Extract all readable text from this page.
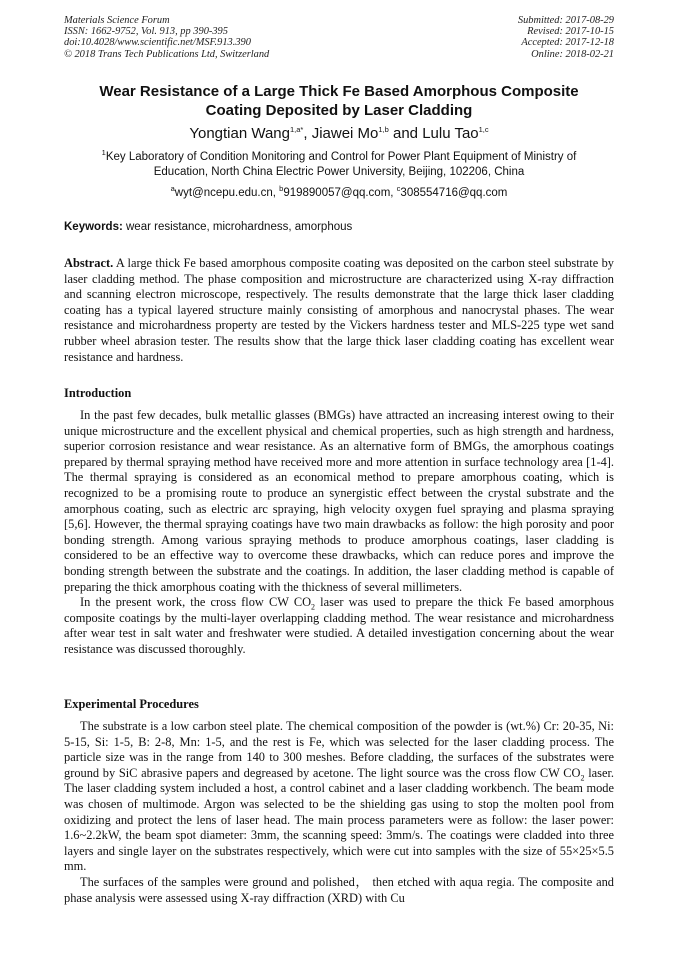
Materials Science Forum
ISSN: 1662-9752, Vol. 913, pp 390-395
doi:10.4028/www.scientific.net/MSF.913.390
© 2018 Trans Tech Publications Ltd, Switzerland
Submitted: 2017-08-29
Revised: 2017-10-15
Accepted: 2017-12-18
Online: 2018-02-21
Wear Resistance of a Large Thick Fe Based Amorphous Composite Coating Deposited by Laser Cladding
Yongtian Wang$^{1,a*}$, Jiawei Mo$^{1,b}$ and Lulu Tao$^{1,c}$
$^1$Key Laboratory of Condition Monitoring and Control for Power Plant Equipment of Ministry of Education, North China Electric Power University, Beijing, 102206, China
$^a$wyt@ncepu.edu.cn, $^b$919890057@qq.com, $^c$308554716@qq.com
Keywords: wear resistance, microhardness, amorphous
Abstract. A large thick Fe based amorphous composite coating was deposited on the carbon steel substrate by laser cladding method. The phase composition and microstructure are characterized using X-ray diffraction and scanning electron microscope, respectively. The results demonstrate that the large thick laser cladding coating has a typical layered structure mainly consisting of amorphous and nanocrystal phases. The wear resistance and microhardness property are tested by the Vickers hardness tester and MLS-225 type wet sand rubber wheel abrasion tester. The results show that the large thick laser cladding coating has excellent wear resistance and hardness.
Introduction

In the past few decades, bulk metallic glasses (BMGs) have attracted an increasing interest owing to their unique microstructure and the excellent physical and chemical properties, such as high strength and hardness, superior corrosion resistance and wear resistance. As an alternative form of BMGs, the amorphous coatings prepared by thermal spraying method have received more and more attention in surface technology area [1-4]. The thermal spraying is considered as an economical method to prepare amorphous coating, which is recognized to be a promising route to produce an synergistic effect between the crystal substrate and the amorphous coating, such as electric arc spraying, high velocity oxygen fuel spraying and plasma spraying [5,6]. However, the thermal spraying coatings have two main drawbacks as follow: the high porosity and poor bonding strength. Among various spraying methods to produce amorphous coatings, laser cladding is considered to be an effective way to overcome these drawbacks, which can reduce pores and improve the bonding strength between the substrate and the coatings. In addition, the laser cladding method is capable of preparing the thick amorphous coating with the thickness of several millimeters.

In the present work, the cross flow CW $CO_2$ laser was used to prepare the thick Fe based amorphous composite coatings by the multi-layer overlapping cladding method. The wear resistance and microhardness after wear test in salt water and freshwater were studied. A detailed investigation concerning about the wear resistance was discussed thoroughly.

Experimental Procedures

The substrate is a low carbon steel plate. The chemical composition of the powder is (wt.%) Cr: 20-35, Ni: 5-15, Si: 1-5, B: 2-8, Mn: 1-5, and the rest is Fe, which was selected for the laser cladding process. The particle size was in the range from 140 to 300 meshes. Before cladding, the surfaces of the substrates were ground by SiC abrasive papers and degreased by acetone. The light source was the cross flow CW $CO_2$ laser. The laser cladding system included a host, a control cabinet and a laser cladding workbench. The beam mode was chosen of multimode. Argon was selected to be the shielding gas using to stop the molten pool from oxidizing and protect the lens of laser head. The main process parameters were as follow: the laser power: 1.6~2.2kW, the beam spot diameter: 3mm, the scanning speed: 3mm/s. The coatings were cladded into three layers and single layer on the substrates respectively, which were cut into samples with the size of 55×25×5.5 mm.

The surfaces of the samples were ground and polished， then etched with aqua regia. The composite and phase analysis were assessed using X-ray diffraction (XRD) with Cu
